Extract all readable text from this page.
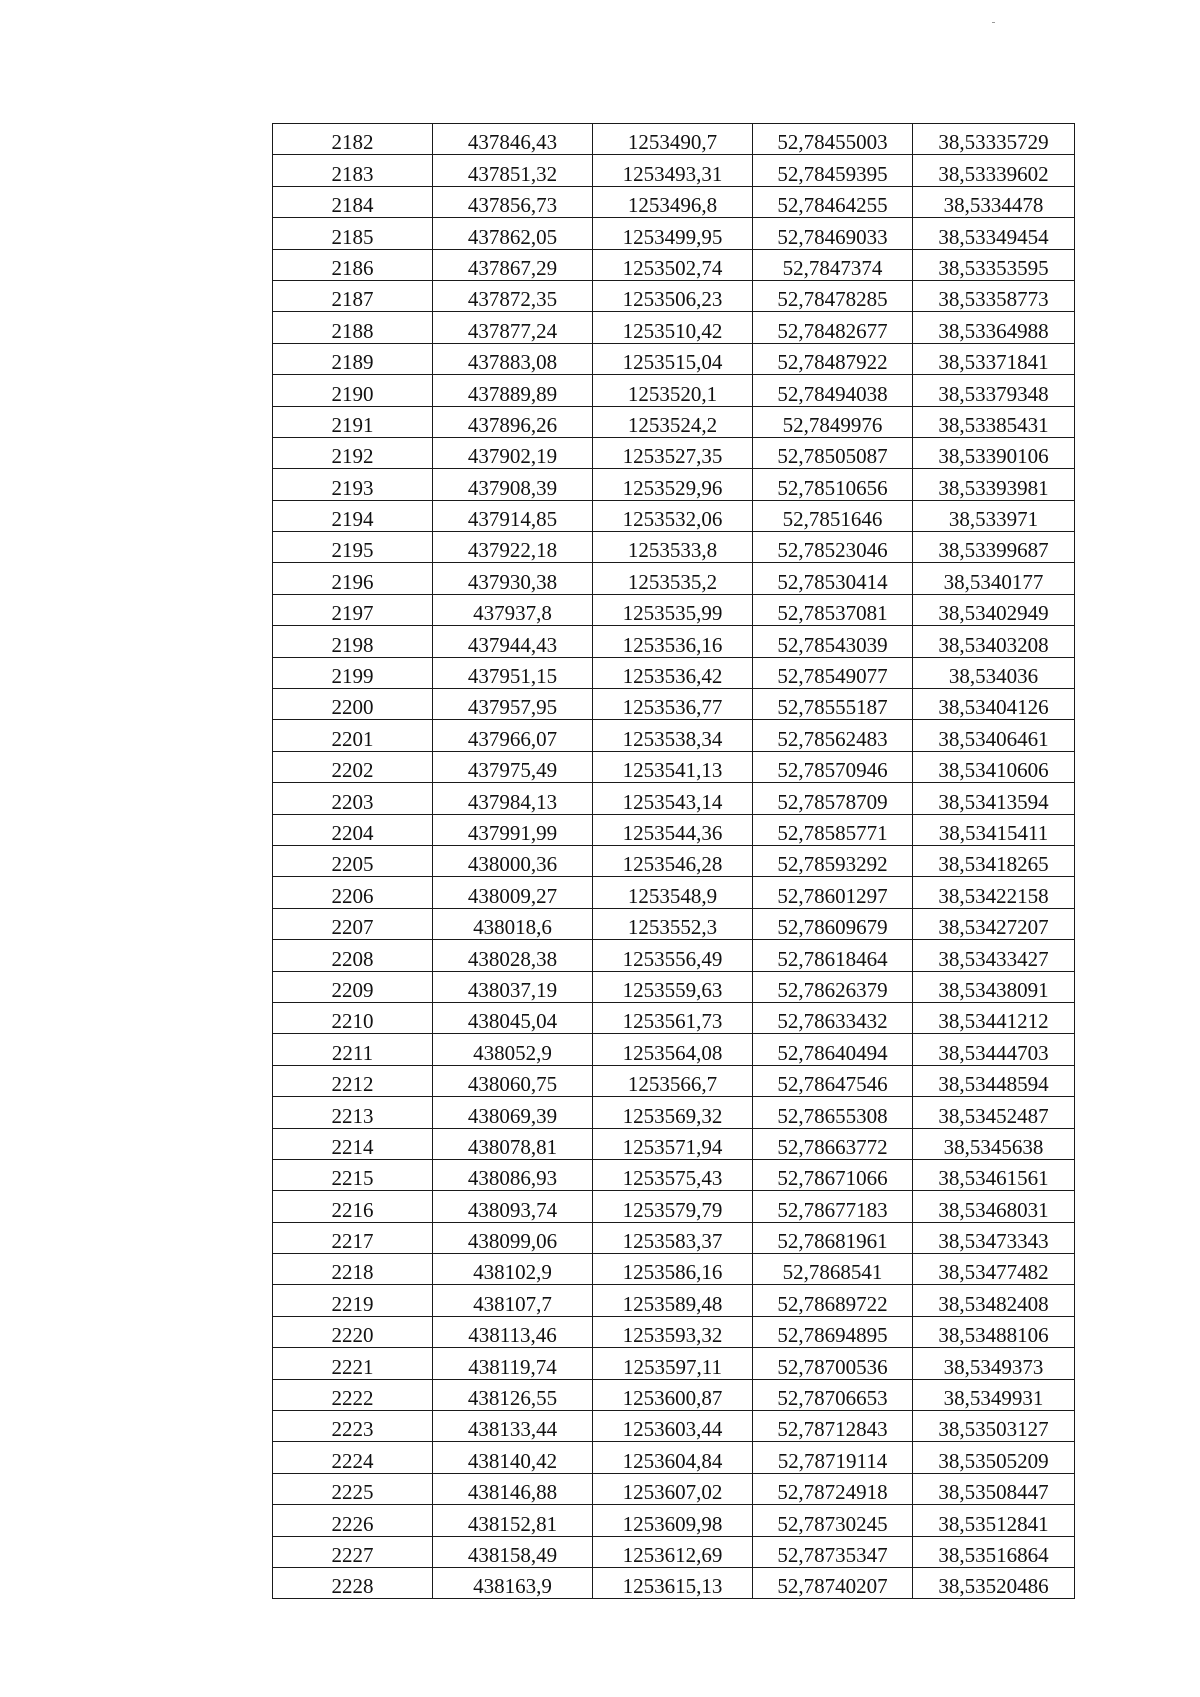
2182	437846,43	1253490,7	52,78455003	38,53335729
2183	437851,32	1253493,31	52,78459395	38,53339602
2184	437856,73	1253496,8	52,78464255	38,5334478
2185	437862,05	1253499,95	52,78469033	38,53349454
2186	437867,29	1253502,74	52,7847374	38,53353595
2187	437872,35	1253506,23	52,78478285	38,53358773
2188	437877,24	1253510,42	52,78482677	38,53364988
2189	437883,08	1253515,04	52,78487922	38,53371841
2190	437889,89	1253520,1	52,78494038	38,53379348
2191	437896,26	1253524,2	52,7849976	38,53385431
2192	437902,19	1253527,35	52,78505087	38,53390106
2193	437908,39	1253529,96	52,78510656	38,53393981
2194	437914,85	1253532,06	52,7851646	38,533971
2195	437922,18	1253533,8	52,78523046	38,53399687
2196	437930,38	1253535,2	52,78530414	38,5340177
2197	437937,8	1253535,99	52,78537081	38,53402949
2198	437944,43	1253536,16	52,78543039	38,53403208
2199	437951,15	1253536,42	52,78549077	38,534036
2200	437957,95	1253536,77	52,78555187	38,53404126
2201	437966,07	1253538,34	52,78562483	38,53406461
2202	437975,49	1253541,13	52,78570946	38,53410606
2203	437984,13	1253543,14	52,78578709	38,53413594
2204	437991,99	1253544,36	52,78585771	38,53415411
2205	438000,36	1253546,28	52,78593292	38,53418265
2206	438009,27	1253548,9	52,78601297	38,53422158
2207	438018,6	1253552,3	52,78609679	38,53427207
2208	438028,38	1253556,49	52,78618464	38,53433427
2209	438037,19	1253559,63	52,78626379	38,53438091
2210	438045,04	1253561,73	52,78633432	38,53441212
2211	438052,9	1253564,08	52,78640494	38,53444703
2212	438060,75	1253566,7	52,78647546	38,53448594
2213	438069,39	1253569,32	52,78655308	38,53452487
2214	438078,81	1253571,94	52,78663772	38,5345638
2215	438086,93	1253575,43	52,78671066	38,53461561
2216	438093,74	1253579,79	52,78677183	38,53468031
2217	438099,06	1253583,37	52,78681961	38,53473343
2218	438102,9	1253586,16	52,7868541	38,53477482
2219	438107,7	1253589,48	52,78689722	38,53482408
2220	438113,46	1253593,32	52,78694895	38,53488106
2221	438119,74	1253597,11	52,78700536	38,5349373
2222	438126,55	1253600,87	52,78706653	38,5349931
2223	438133,44	1253603,44	52,78712843	38,53503127
2224	438140,42	1253604,84	52,78719114	38,53505209
2225	438146,88	1253607,02	52,78724918	38,53508447
2226	438152,81	1253609,98	52,78730245	38,53512841
2227	438158,49	1253612,69	52,78735347	38,53516864
2228	438163,9	1253615,13	52,78740207	38,53520486
